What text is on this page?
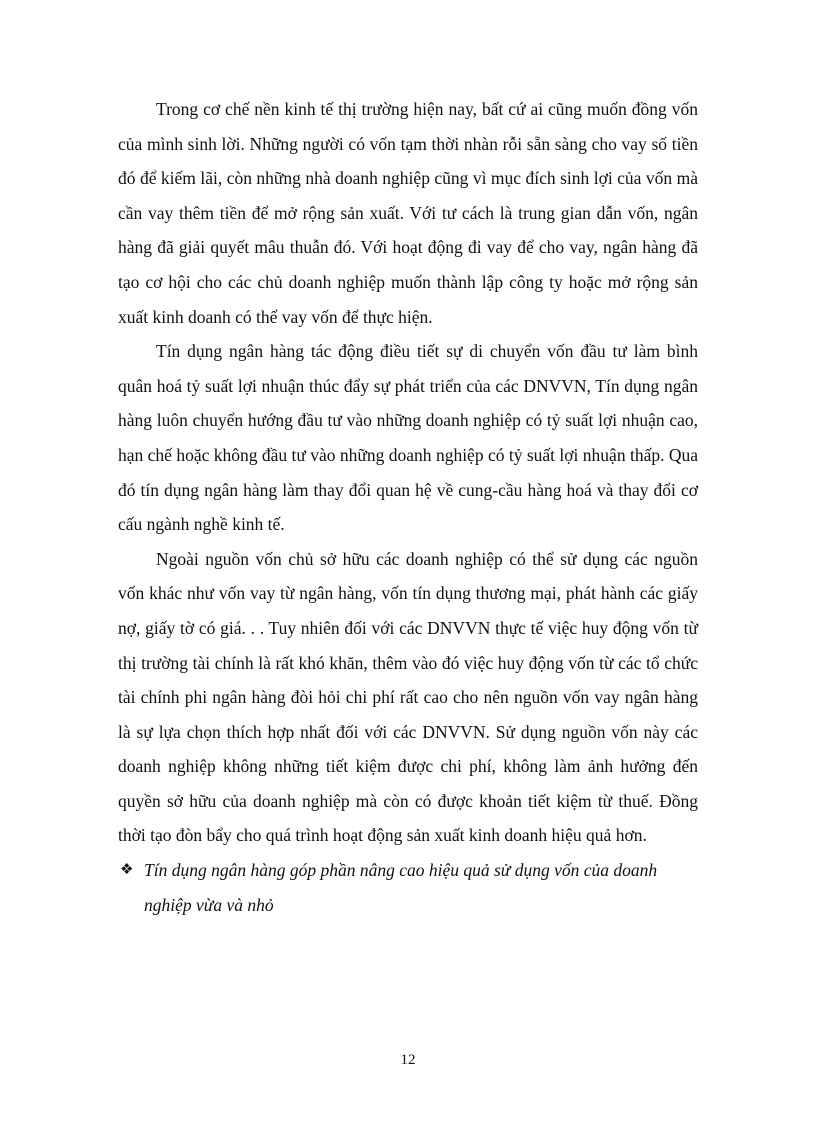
Trong cơ chế nền kinh tế thị trường hiện nay, bất cứ ai cũng muốn đồng vốn của mình sinh lời. Những người có vốn tạm thời nhàn rỗi sẵn sàng cho vay số tiền đó để kiếm lãi, còn những nhà doanh nghiệp cũng vì mục đích sinh lợi của vốn mà cần vay thêm tiền để mở rộng sản xuất. Với tư cách là trung gian dẫn vốn, ngân hàng đã giải quyết mâu thuẫn đó. Với hoạt động đi vay để cho vay, ngân hàng đã tạo cơ hội cho các chủ doanh nghiệp muốn thành lập công ty hoặc mở rộng sản xuất kinh doanh có thể vay vốn để thực hiện.

Tín dụng ngân hàng tác động điều tiết sự di chuyển vốn đầu tư làm bình quân hoá tỷ suất lợi nhuận thúc đẩy sự phát triển của các DNVVN, Tín dụng ngân hàng luôn chuyển hướng đầu tư vào những doanh nghiệp có tỷ suất lợi nhuận cao, hạn chế hoặc không đầu tư vào những doanh nghiệp có tỷ suất lợi nhuận thấp. Qua đó tín dụng ngân hàng làm thay đổi quan hệ về cung-cầu hàng hoá và thay đổi cơ cấu ngành nghề kinh tế.

Ngoài nguồn vốn chủ sở hữu các doanh nghiệp có thể sử dụng các nguồn vốn khác như vốn vay từ ngân hàng, vốn tín dụng thương mại, phát hành các giấy nợ, giấy tờ có giá. . . Tuy nhiên đối với các DNVVN thực tế việc huy động vốn từ thị trường tài chính là rất khó khăn, thêm vào đó việc huy động vốn từ các tổ chức tài chính phi ngân hàng đòi hỏi chi phí rất cao cho nên nguồn vốn vay ngân hàng là sự lựa chọn thích hợp nhất đối với các DNVVN. Sử dụng nguồn vốn này các doanh nghiệp không những tiết kiệm được chi phí, không làm ảnh hưởng đến quyền sở hữu của doanh nghiệp mà còn có được khoản tiết kiệm từ thuế. Đồng thời tạo đòn bẩy cho quá trình hoạt động sản xuất kinh doanh hiệu quả hơn.

❖ Tín dụng ngân hàng góp phần nâng cao hiệu quả sử dụng vốn của doanh nghiệp vừa và nhỏ
12
